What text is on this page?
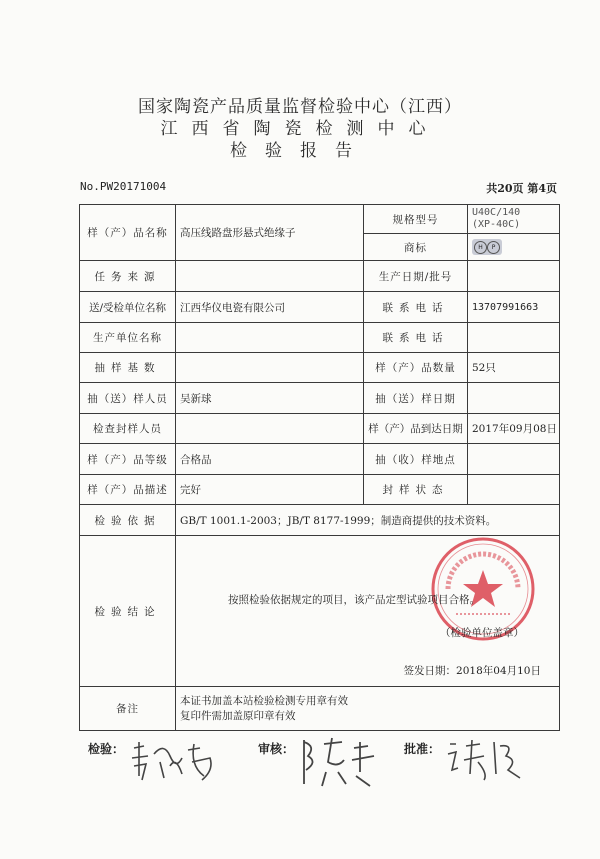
国家陶瓷产品质量监督检验中心（江西）
江西省陶瓷检测中心
检验报告
No.PW20171004	共20页 第4页
样（产）品名称	高压线路盘形悬式绝缘子	规格型号	U40C/140
(XP-40C)

		商标	H P

任务来源		生产日期/批号	
送/受检单位名称	江西华仪电瓷有限公司	联系电话	13707991663
生产单位名称		联系电话	
抽样基数		样（产）品数量	52只
抽（送）样人员	吴新球	抽（送）样日期	
检查封样人员		样（产）品到达日期	2017年09月08日
样（产）品等级	合格品	抽（收）样地点	
样（产）品描述	完好	封样状态	
检验依据	GB/T 1001.1-2003；JB/T 8177-1999；制造商提供的技术资料。		
检验结论	按照检验依据规定的项目，该产品定型试验项目合格。
（检验单位盖章）
签发日期：2018年04月10日		

备注	本证书加盖本站检验检测专用章有效
复印件需加盖原印章有效		
检验：	审核：	批准：
